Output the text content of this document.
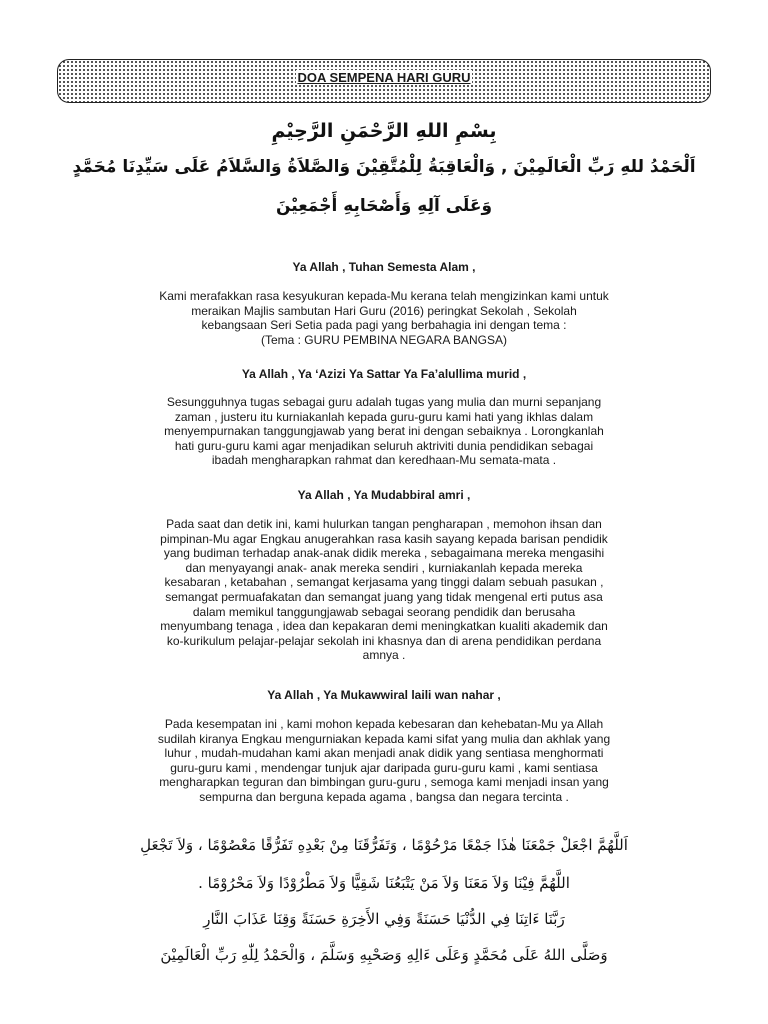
DOA SEMPENA HARI GURU
بِسْمِ اللهِ الرَّحْمَنِ الرَّحِيْمِ
اَلْحَمْدُ للهِ رَبِّ الْعَالَمِيْنَ , وَالْعَاقِبَةُ لِلْمُتَّقِيْنَ وَالصَّلاَةُ وَالسَّلاَمُ عَلَى سَيِّدِنَا مُحَمَّدٍ
وَعَلَى آلِهِ وَأَصْحَابِهِ أَجْمَعِيْنَ
Ya Allah , Tuhan Semesta Alam ,
Kami merafakkan rasa kesyukuran kepada-Mu kerana telah mengizinkan kami untuk
meraikan Majlis sambutan Hari Guru (2016) peringkat Sekolah , Sekolah
kebangsaan Seri Setia pada pagi yang berbahagia ini dengan tema :
(Tema : GURU PEMBINA NEGARA BANGSA)
Ya Allah , Ya ‘Azizi Ya Sattar Ya Fa’alullima murid ,
Sesungguhnya tugas sebagai guru adalah tugas yang mulia dan murni sepanjang
zaman , justeru itu kurniakanlah kepada guru-guru kami hati yang ikhlas dalam
menyempurnakan tanggungjawab yang berat ini dengan sebaiknya . Lorongkanlah
hati guru-guru kami agar menjadikan seluruh aktriviti dunia pendidikan sebagai
ibadah mengharapkan rahmat dan keredhaan-Mu semata-mata .
Ya Allah , Ya Mudabbiral amri ,
Pada saat dan detik ini, kami hulurkan tangan pengharapan , memohon ihsan dan
pimpinan-Mu agar Engkau anugerahkan rasa kasih sayang kepada barisan pendidik
yang budiman terhadap anak-anak didik mereka , sebagaimana mereka mengasihi
dan menyayangi anak- anak mereka sendiri , kurniakanlah kepada mereka
kesabaran , ketabahan , semangat kerjasama yang tinggi dalam sebuah pasukan ,
semangat permuafakatan dan semangat juang yang tidak mengenal erti putus asa
dalam memikul tanggungjawab sebagai seorang pendidik dan berusaha
menyumbang tenaga , idea dan kepakaran demi meningkatkan kualiti akademik dan
ko-kurikulum pelajar-pelajar sekolah ini khasnya dan di arena pendidikan perdana
amnya .
Ya Allah , Ya Mukawwiral laili wan nahar ,
Pada kesempatan ini , kami mohon kepada kebesaran dan kehebatan-Mu ya Allah
sudilah kiranya Engkau mengurniakan kepada kami sifat yang mulia dan akhlak yang
luhur , mudah-mudahan kami akan menjadi anak didik yang sentiasa menghormati
guru-guru kami , mendengar tunjuk ajar daripada guru-guru kami , kami sentiasa
mengharapkan teguran dan bimbingan guru-guru , semoga kami menjadi insan yang
sempurna dan berguna kepada agama , bangsa dan negara tercinta .
اَللَّهُمَّ اجْعَلْ جَمْعَنَا هٰذَا جَمْعًا مَرْحُوْمًا ، وَتَفَرُّقَنَا مِنْ بَعْدِهِ تَفَرُّقًا مَعْصُوْمًا ، وَلاَ تَجْعَلِ
اللَّهُمَّ فِيْنَا وَلاَ مَعَنَا وَلاَ مَنْ يَتْبَعُنَا شَقِيًّا وَلاَ مَطْرُوْدًا وَلاَ مَحْرُوْمًا .
رَبَّنَا ءَاتِنَا فِي الدُّنْيَا حَسَنَةً وَفِي الأَخِرَةِ حَسَنَةً وَقِنَا عَذَابَ النَّارِ
وَصَلَّى اللهُ عَلَى مُحَمَّدٍ وَعَلَى ءَالِهِ وَصَحْبِهِ وَسَلَّمَ ، وَالْحَمْدُ لِلّٰهِ رَبِّ الْعَالَمِيْنَ
